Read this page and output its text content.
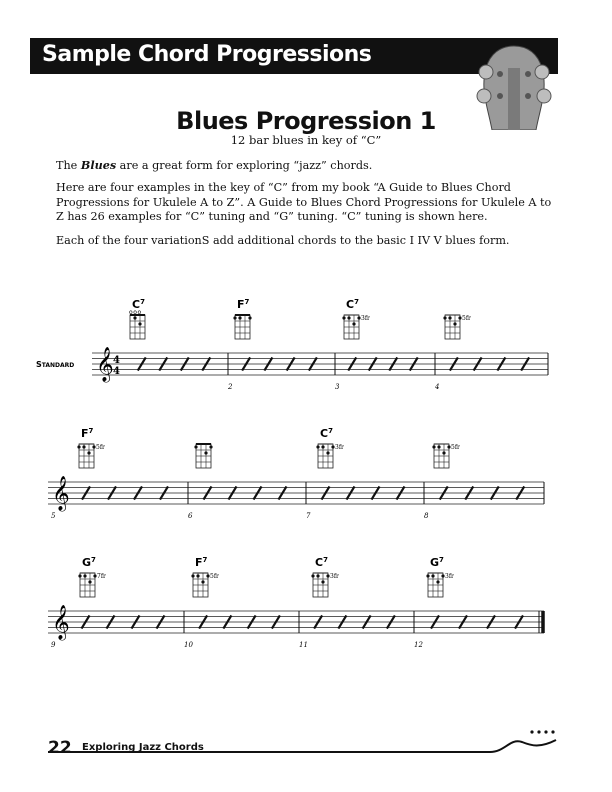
Sample Chord Progressions
Blues Progression 1
12 bar blues in key of “C”
The Blues are a great form for exploring “jazz” chords.
Here are four examples in the key of “C” from my book “A Guide to Blues Chord Progressions for Ukulele A to Z”. A Guide to Blues Chord Progressions for Ukulele A to Z has 26 examples for “C” tuning and “G” tuning. “C” tuning is shown here.
Each of the four variationS add additional chords to the basic I IV V blues form.
𝄞
Standard	4
4
$C^7$
ooo
2
$F^7$
3
$C^7$
3fr
4
5fr
𝄞
5
$F^7$
5fr
6	7
$C^7$
3fr
8
5fr
𝄞
9
$G^7$
7fr
10
$F^7$
5fr
11
$C^7$
3fr
12
$G^7$
3fr
22 Exploring Jazz Chords
